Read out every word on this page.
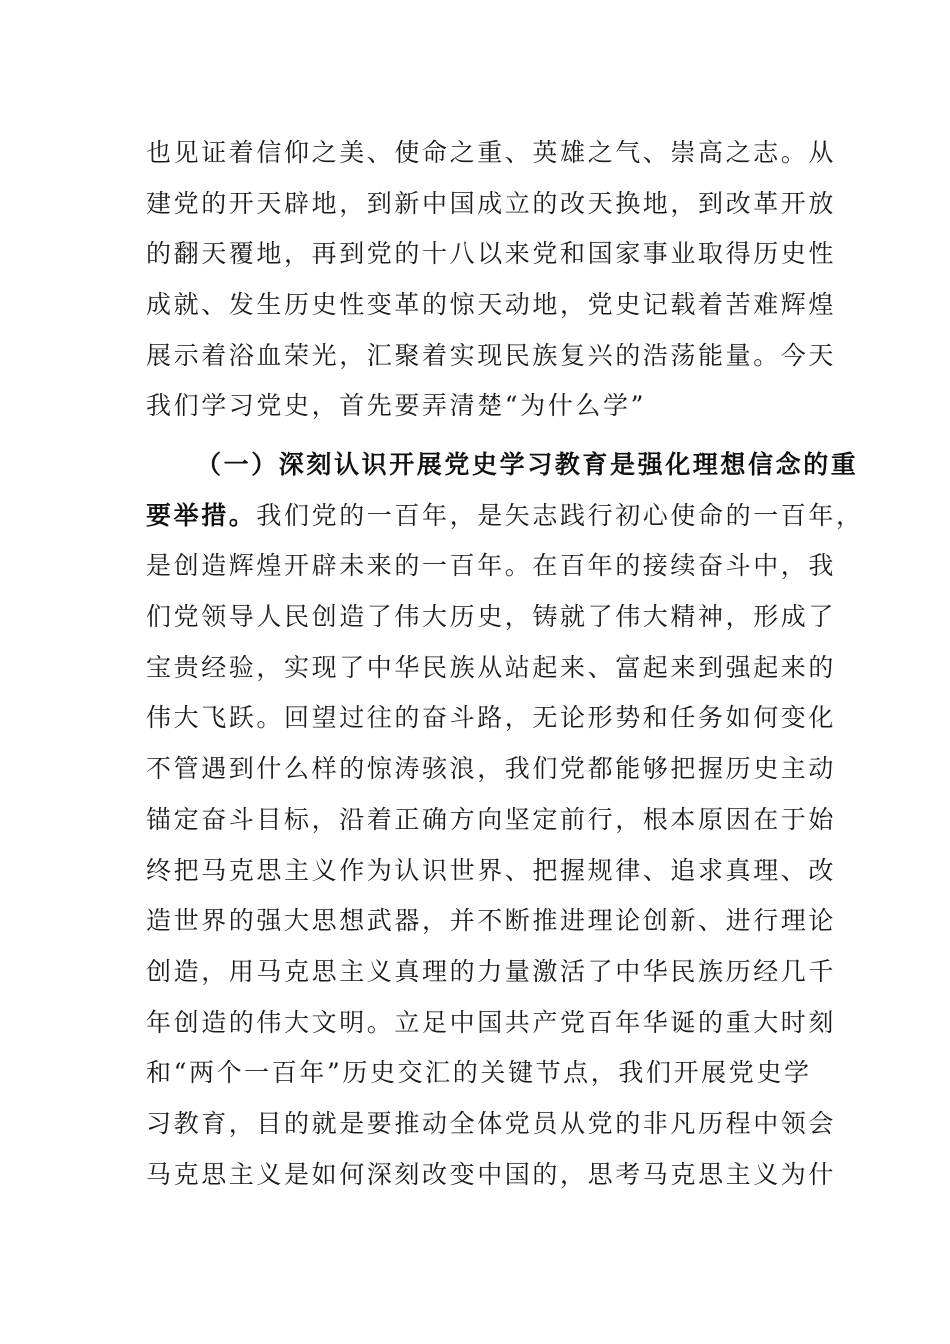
也见证着信仰之美、使命之重、英雄之气、崇高之志。从
建党的开天辟地，到新中国成立的改天换地，到改革开放
的翻天覆地，再到党的十八以来党和国家事业取得历史性
成就、发生历史性变革的惊天动地，党史记载着苦难辉煌
展示着浴血荣光，汇聚着实现民族复兴的浩荡能量。今天
我们学习党史，首先要弄清楚“为什么学”
（一）深刻认识开展党史学习教育是强化理想信念的重
要举措。我们党的一百年，是矢志践行初心使命的一百年，
是创造辉煌开辟未来的一百年。在百年的接续奋斗中，我
们党领导人民创造了伟大历史，铸就了伟大精神，形成了
宝贵经验，实现了中华民族从站起来、富起来到强起来的
伟大飞跃。回望过往的奋斗路，无论形势和任务如何变化
不管遇到什么样的惊涛骇浪，我们党都能够把握历史主动
锚定奋斗目标，沿着正确方向坚定前行，根本原因在于始
终把马克思主义作为认识世界、把握规律、追求真理、改
造世界的强大思想武器，并不断推进理论创新、进行理论
创造，用马克思主义真理的力量激活了中华民族历经几千
年创造的伟大文明。立足中国共产党百年华诞的重大时刻
和“两个一百年”历史交汇的关键节点，我们开展党史学
习教育，目的就是要推动全体党员从党的非凡历程中领会
马克思主义是如何深刻改变中国的，思考马克思主义为什
